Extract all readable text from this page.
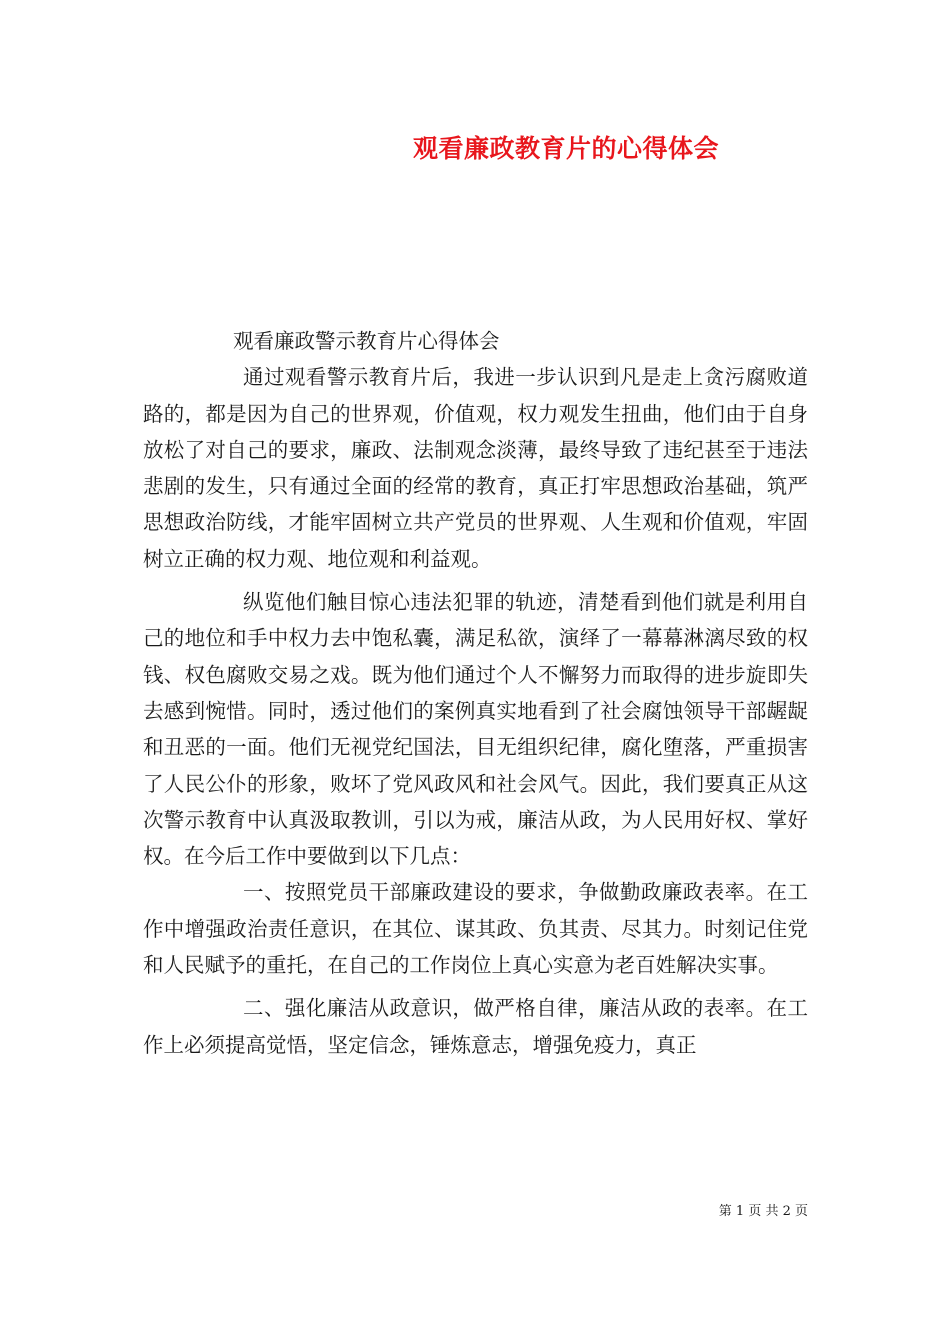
观看廉政教育片的心得体会

观看廉政警示教育片心得体会

通过观看警示教育片后，我进一步认识到凡是走上贪污腐败道路的，都是因为自己的世界观，价值观，权力观发生扭曲，他们由于自身放松了对自己的要求，廉政、法制观念淡薄，最终导致了违纪甚至于违法悲剧的发生，只有通过全面的经常的教育，真正打牢思想政治基础，筑严思想政治防线，才能牢固树立共产党员的世界观、人生观和价值观，牢固树立正确的权力观、地位观和利益观。

纵览他们触目惊心违法犯罪的轨迹，清楚看到他们就是利用自己的地位和手中权力去中饱私囊，满足私欲，演绎了一幕幕淋漓尽致的权钱、权色腐败交易之戏。既为他们通过个人不懈努力而取得的进步旋即失去感到惋惜。同时，透过他们的案例真实地看到了社会腐蚀领导干部龌龊和丑恶的一面。他们无视党纪国法，目无组织纪律，腐化堕落，严重损害了人民公仆的形象，败坏了党风政风和社会风气。因此，我们要真正从这次警示教育中认真汲取教训，引以为戒，廉洁从政，为人民用好权、掌好权。在今后工作中要做到以下几点：

一、按照党员干部廉政建设的要求，争做勤政廉政表率。在工作中增强政治责任意识，在其位、谋其政、负其责、尽其力。时刻记住党和人民赋予的重托，在自己的工作岗位上真心实意为老百姓解决实事。

二、强化廉洁从政意识，做严格自律，廉洁从政的表率。在工作上必须提高觉悟，坚定信念，锤炼意志，增强免疫力，真正

第 1 页 共 2 页
